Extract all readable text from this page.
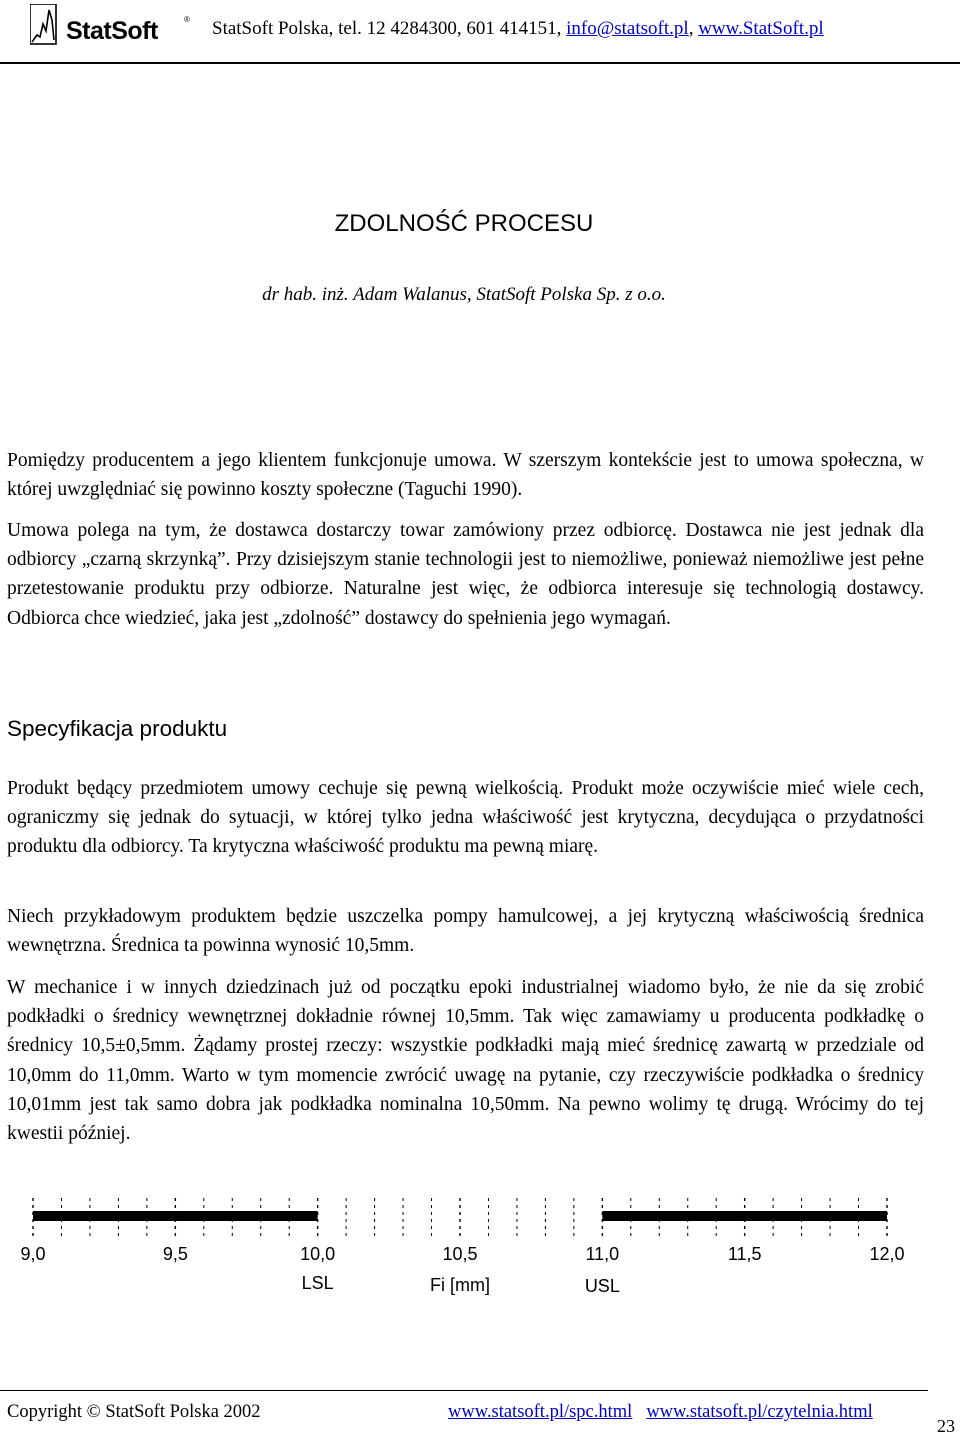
StatSoft	® StatSoft Polska, tel. 12 4284300, 601 414151, info@statsoft.pl, www.StatSoft.pl
ZDOLNOŚĆ PROCESU
dr hab. inż. Adam Walanus, StatSoft Polska Sp. z o.o.

Pomiędzy producentem a jego klientem funkcjonuje umowa. W szerszym kontekście jest to umowa społeczna, w której uwzględniać się powinno koszty społeczne (Taguchi 1990).

Umowa polega na tym, że dostawca dostarczy towar zamówiony przez odbiorcę. Dostawca nie jest jednak dla odbiorcy „czarną skrzynką”. Przy dzisiejszym stanie technologii jest to niemożliwe, ponieważ niemożliwe jest pełne przetestowanie produktu przy odbiorze. Naturalne jest więc, że odbiorca interesuje się technologią dostawcy. Odbiorca chce wiedzieć, jaka jest „zdolność” dostawcy do spełnienia jego wymagań.

Specyfikacja produktu

Produkt będący przedmiotem umowy cechuje się pewną wielkością. Produkt może oczywiście mieć wiele cech, ograniczmy się jednak do sytuacji, w której tylko jedna właściwość jest krytyczna, decydująca o przydatności produktu dla odbiorcy. Ta krytyczna właściwość produktu ma pewną miarę.

Niech przykładowym produktem będzie uszczelka pompy hamulcowej, a jej krytyczną właściwością średnica wewnętrzna. Średnica ta powinna wynosić 10,5mm.

W mechanice i w innych dziedzinach już od początku epoki industrialnej wiadomo było, że nie da się zrobić podkładki o średnicy wewnętrznej dokładnie równej 10,5mm. Tak więc zamawiamy u producenta podkładkę o średnicy 10,5±0,5mm. Żądamy prostej rzeczy: wszystkie podkładki mają mieć średnicę zawartą w przedziale od 10,0mm do 11,0mm. Warto w tym momencie zwrócić uwagę na pytanie, czy rzeczywiście podkładka o średnicy 10,01mm jest tak samo dobra jak podkładka nominalna 10,50mm. Na pewno wolimy tę drugą. Wrócimy do tej kwestii później.

9,0	9,5	10,0	10,5	11,0	11,5	12,0
LSL	USL
Fi [mm]
Copyright © StatSoft Polska 2002	www.statsoft.pl/spc.html www.statsoft.pl/czytelnia.html
23
